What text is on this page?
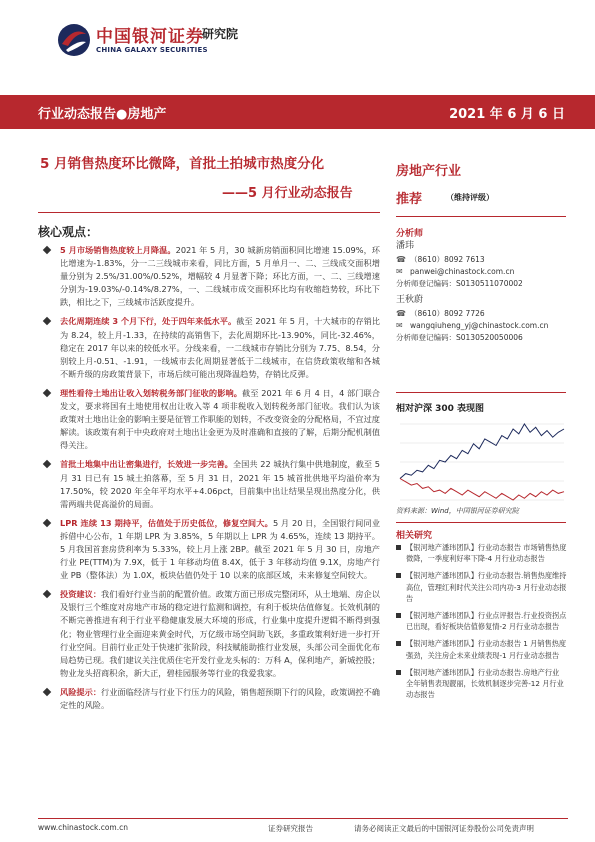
中国银河证券
CHINA GALAXY SECURITIES
研究院
行业动态报告●房地产	2021 年 6 月 6 日
5 月销售热度环比微降，首批土拍城市热度分化
——5 月行业动态报告
核心观点：
5 月市场销售热度较上月降温。2021 年 5 月，30 城新房销面积同比增速 15.09%，环比增速为-1.83%，分一二三线城市来看，同比方面，5 月单月一、二、三线成交面积增量分别为 2.5%/31.00%/0.52%，增幅较 4 月显著下降；环比方面，一、二、三线增速分别为-19.03%/-0.14%/8.27%，一、二线城市成交面积环比均有收缩趋势较，环比下跌，相比之下，三线城市活跃度提升。
去化周期连续 3 个月下行，处于四年来低水平。截至 2021 年 5 月，十大城市的存销比为 8.24，较上月-1.33，在持续的高销售下，去化周期环比-13.90%，同比-32.46%，稳定在 2017 年以来的较低水平。分线来看，一二线城市存销比分别为 7.75、8.54，分别较上月-0.51、-1.91，一线城市去化周期显著低于二线城市，在信贷政策收缩和各城不断升级的房政策背景下，市场后续可能出现降温趋势，存销比反弹。
理性看待土地出让收入划转税务部门征收的影响。截至 2021 年 6 月 4 日，4 部门联合发文，要求将国有土地使用权出让收入等 4 项非税收入划转税务部门征收。我们认为该政策对土地出让金的影响主要是征管工作职能的划转，不改变资金的分配格局，不宜过度解读。该政策有利于中央政府对土地出让金更为及时准确和直接的了解，后期分配机制值得关注。
首批土地集中出让密集进行，长效进一步完善。全国共 22 城执行集中供地制度，截至 5 月 31 日已有 15 城土拍落幕，至 5 月 31 日，2021 年 15 城首批供地平均溢价率为 17.50%，较 2020 年全年平均水平+4.06pct，目前集中出让结果呈现出热度分化，供需两端共促高溢价的局面。
LPR 连续 13 期持平，估值处于历史低位，修复空间大。5 月 20 日，全国银行间同业拆借中心公布，1 年期 LPR 为 3.85%，5 年期以上 LPR 为 4.65%，连续 13 期持平。5 月我国首套房贷利率为 5.33%，较上月上涨 2BP。截至 2021 年 5 月 30 日，房地产行业 PE(TTM)为 7.9X，低于 1 年移动均值 8.4X，低于 3 年移动均值 9.1X，房地产行业 PB（整体法）为 1.0X，板块估值仍处于 10 以来的底部区域，未来修复空间较大。
投资建议：我们看好行业当前的配置价值。政策方面已形成完整闭环，从土地端、房企以及银行三个维度对房地产市场的稳定进行监测和调控，有利于板块估值修复。长效机制的不断完善推进有利于行业平稳健康发展大环境的形成，行业集中度提升逻辑不断得到强化；物业管理行业全面迎来黄金时代，万亿级市场空间助飞跃，多重政策利好进一步打开行业空间。目前行业正处于快速扩张阶段，科技赋能助推行业发展，头部公司全面优化布局趋势已现。我们建议关注优质住宅开发行业龙头标的：万科 A，保利地产，新城控股；物业龙头招商积余，新大正，碧桂园服务等行业的我爱我家。
风险提示：行业面临经济与行业下行压力的风险，销售超预期下行的风险，政策调控不确定性的风险。
房地产行业
推荐	（维持评级）
分析师
潘玮
☎ （8610）8092 7613
✉ panwei@chinastock.com.cn
分析师登记编码：S0130511070002
王秋蔚
☎ （8610）8092 7726
✉ wangqiuheng_yj@chinastock.com.cn
分析师登记编码：S0130520050006
相对沪深 300 表现图
资料来源：Wind，中国银河证券研究院
相关研究
【银河地产潘玮团队】行业动态报告 市场销售热度微降，一季度利好率下降-4 月行业动态报告
【银河地产潘玮团队】行业动态报告.销售热度维持高位，管理红利时代关注公司内功-3 月行业动态报告
【银河地产潘玮团队】行业点评报告.行业投资拐点已出现，看好板块估值修复情-2 月行业动态报告
【银河地产潘玮团队】行业动态报告 1 月销售热度强劲，关注房企未来业绩表现-1 月行业动态报告
【银河地产潘玮团队】行业动态报告.房地产行业 全年销售表现靓丽，长效机制逐步完善-12 月行业动态报告
www.chinastock.com.cn	证券研究报告	请务必阅读正文最后的中国银河证券股份公司免责声明
